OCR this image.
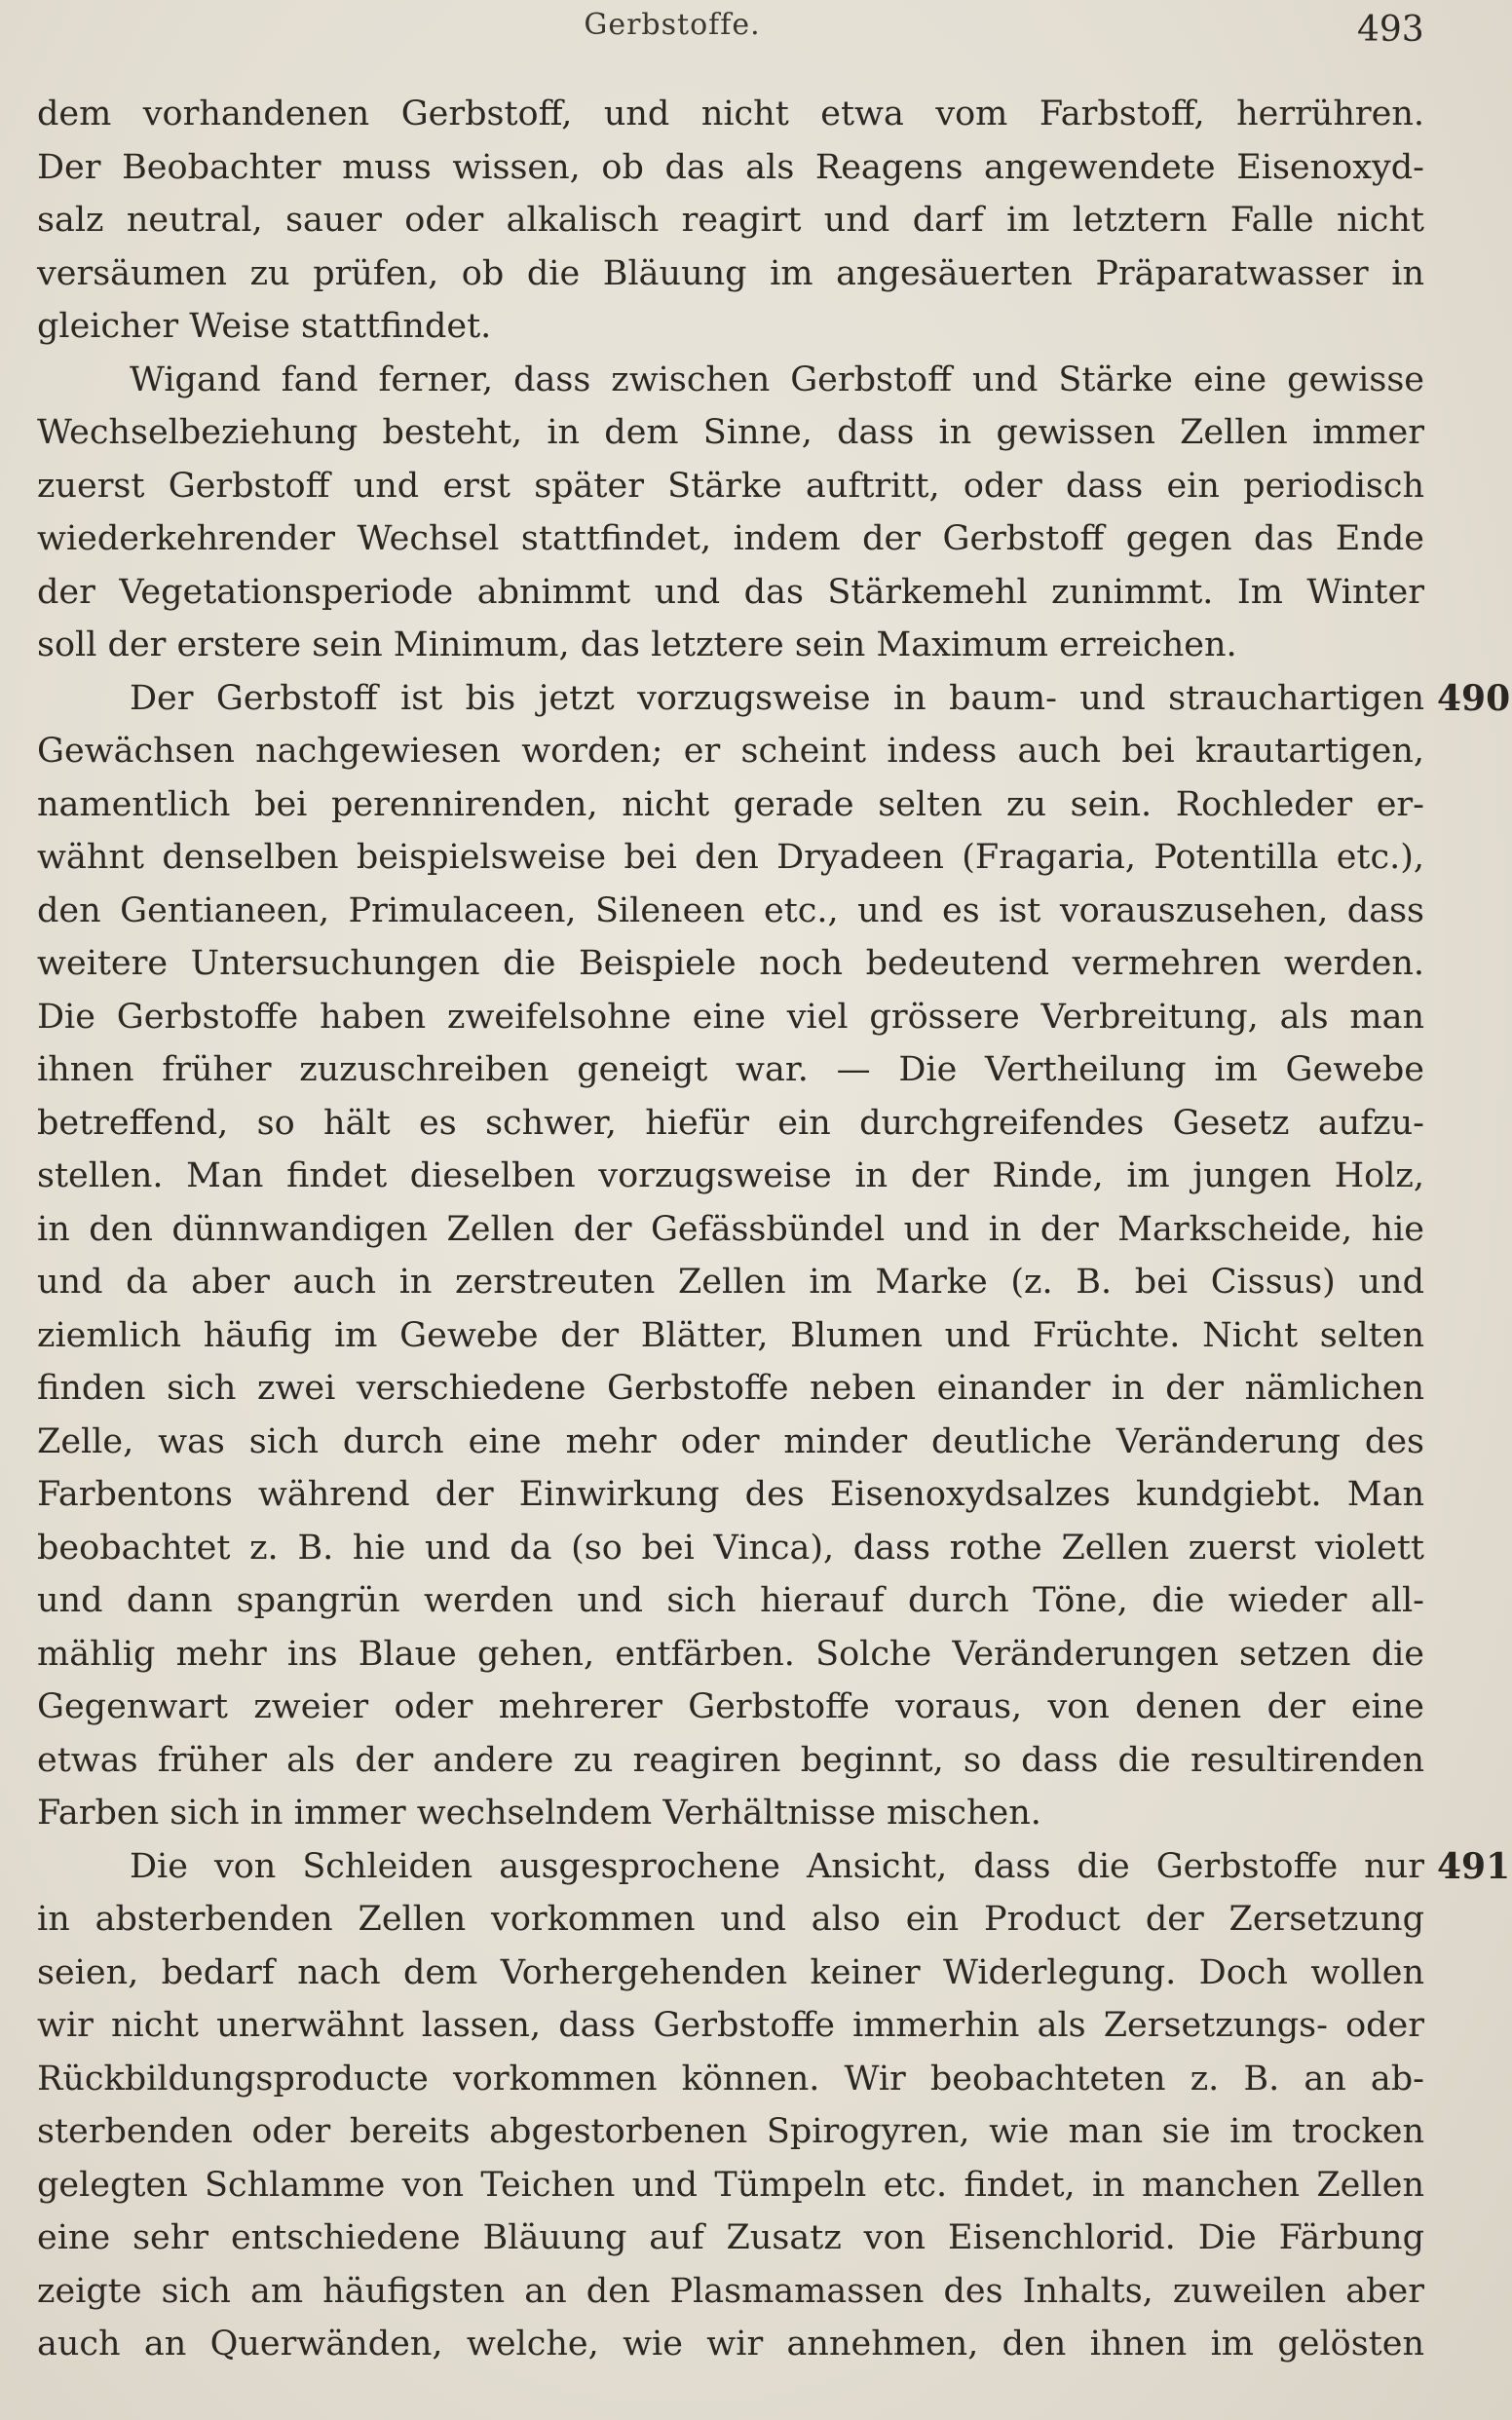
Gerbstoffe.	493
dem vorhandenen Gerbstoff, und nicht etwa vom Farbstoff, herrühren.
Der Beobachter muss wissen, ob das als Reagens angewendete Eisenoxyd-
salz neutral, sauer oder alkalisch reagirt und darf im letztern Falle nicht
versäumen zu prüfen, ob die Bläuung im angesäuerten Präparatwasser in
gleicher Weise stattfindet.
Wigand fand ferner, dass zwischen Gerbstoff und Stärke eine gewisse
Wechselbeziehung besteht, in dem Sinne, dass in gewissen Zellen immer
zuerst Gerbstoff und erst später Stärke auftritt, oder dass ein periodisch
wiederkehrender Wechsel stattfindet, indem der Gerbstoff gegen das Ende
der Vegetationsperiode abnimmt und das Stärkemehl zunimmt. Im Winter
soll der erstere sein Minimum, das letztere sein Maximum erreichen.
490
Der Gerbstoff ist bis jetzt vorzugsweise in baum- und strauchartigen
Gewächsen nachgewiesen worden; er scheint indess auch bei krautartigen,
namentlich bei perennirenden, nicht gerade selten zu sein. Rochleder er-
wähnt denselben beispielsweise bei den Dryadeen (Fragaria, Potentilla etc.),
den Gentianeen, Primulaceen, Sileneen etc., und es ist vorauszusehen, dass
weitere Untersuchungen die Beispiele noch bedeutend vermehren werden.
Die Gerbstoffe haben zweifelsohne eine viel grössere Verbreitung, als man
ihnen früher zuzuschreiben geneigt war. — Die Vertheilung im Gewebe
betreffend, so hält es schwer, hiefür ein durchgreifendes Gesetz aufzu-
stellen. Man findet dieselben vorzugsweise in der Rinde, im jungen Holz,
in den dünnwandigen Zellen der Gefässbündel und in der Markscheide, hie
und da aber auch in zerstreuten Zellen im Marke (z. B. bei Cissus) und
ziemlich häufig im Gewebe der Blätter, Blumen und Früchte. Nicht selten
finden sich zwei verschiedene Gerbstoffe neben einander in der nämlichen
Zelle, was sich durch eine mehr oder minder deutliche Veränderung des
Farbentons während der Einwirkung des Eisenoxydsalzes kundgiebt. Man
beobachtet z. B. hie und da (so bei Vinca), dass rothe Zellen zuerst violett
und dann spangrün werden und sich hierauf durch Töne, die wieder all-
mählig mehr ins Blaue gehen, entfärben. Solche Veränderungen setzen die
Gegenwart zweier oder mehrerer Gerbstoffe voraus, von denen der eine
etwas früher als der andere zu reagiren beginnt, so dass die resultirenden
Farben sich in immer wechselndem Verhältnisse mischen.
491
Die von Schleiden ausgesprochene Ansicht, dass die Gerbstoffe nur
in absterbenden Zellen vorkommen und also ein Product der Zersetzung
seien, bedarf nach dem Vorhergehenden keiner Widerlegung. Doch wollen
wir nicht unerwähnt lassen, dass Gerbstoffe immerhin als Zersetzungs- oder
Rückbildungsproducte vorkommen können. Wir beobachteten z. B. an ab-
sterbenden oder bereits abgestorbenen Spirogyren, wie man sie im trocken
gelegten Schlamme von Teichen und Tümpeln etc. findet, in manchen Zellen
eine sehr entschiedene Bläuung auf Zusatz von Eisenchlorid. Die Färbung
zeigte sich am häufigsten an den Plasmamassen des Inhalts, zuweilen aber
auch an Querwänden, welche, wie wir annehmen, den ihnen im gelösten
